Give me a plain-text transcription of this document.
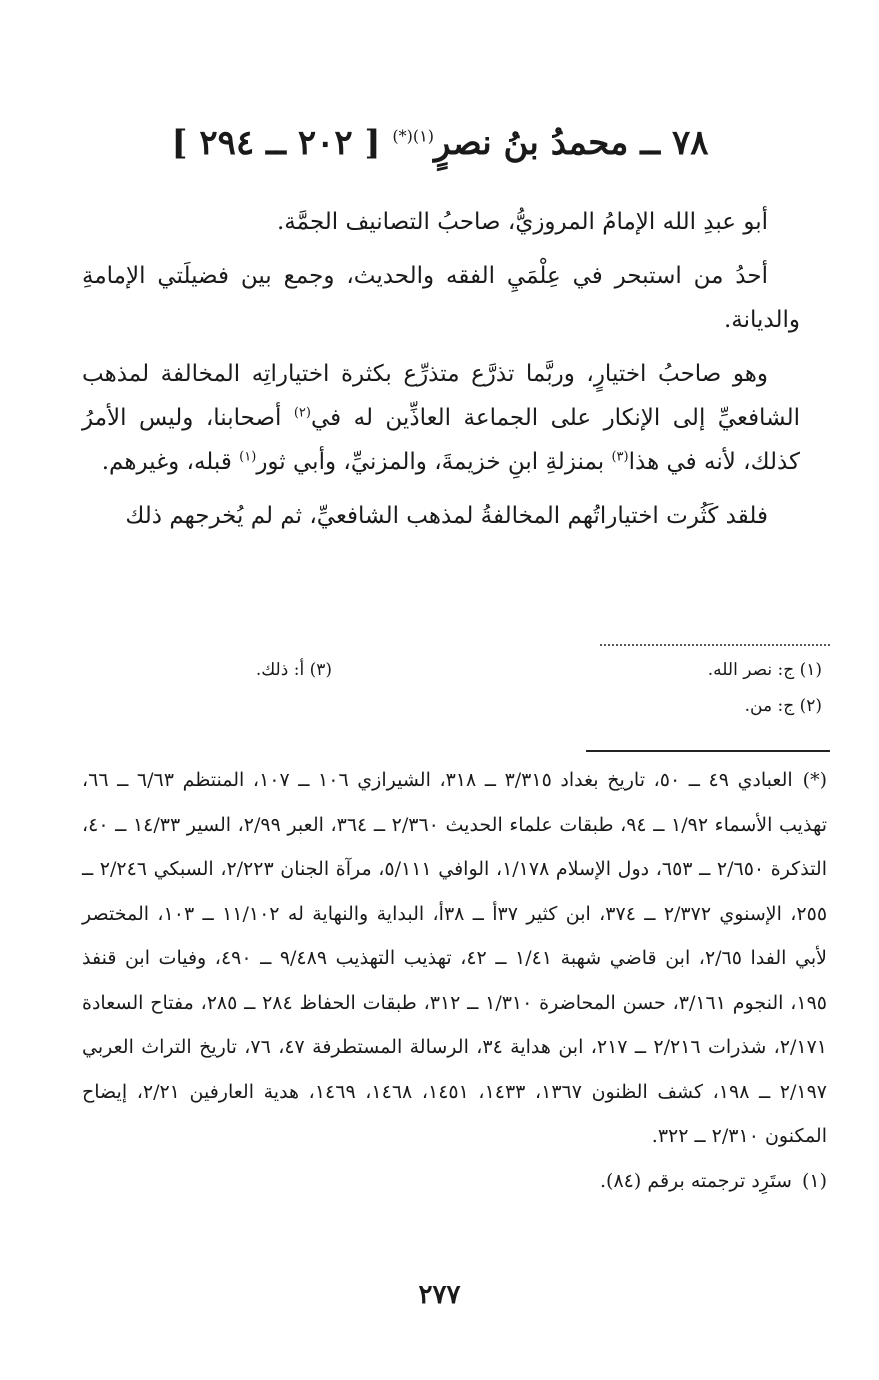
٧٨ ــ محمدُ بنُ نصرٍ$^{(١)(*)}$ [ ٢٠٢ ــ ٢٩٤ ]

أبو عبدِ الله الإمامُ المروزيُّ، صاحبُ التصانيف الجمَّة.

أحدُ من استبحر في عِلْمَيِ الفقه والحديث، وجمع بين فضيلَتي الإمامةِ والديانة.

وهو صاحبُ اختيارٍ، وربَّما تذرَّع متذرِّع بكثرة اختياراتِه المخالفة لمذهب الشافعيِّ إلى الإنكار على الجماعة العاذِّين له في$^{(٢)}$ أصحابنا، وليس الأمرُ كذلك، لأنه في هذا$^{(٣)}$ بمنزلةِ ابنِ خزيمةَ، والمزنيِّ، وأبي ثور$^{(١)}$ قبله، وغيرهم.

فلقد كَثُرت اختياراتُهم المخالفةُ لمذهب الشافعيِّ، ثم لم يُخرجهم ذلك

(١) ج: نصر الله.
(٣) أ: ذلك.
(٢) ج: من.

(*)العبادي ٤٩ ــ ٥٠، تاريخ بغداد ٣/٣١٥ ــ ٣١٨، الشيرازي ١٠٦ ــ ١٠٧، المنتظم ٦/٦٣ ــ ٦٦، تهذيب الأسماء ١/٩٢ ــ ٩٤، طبقات علماء الحديث ٢/٣٦٠ ــ ٣٦٤، العبر ٢/٩٩، السير ١٤/٣٣ ــ ٤٠، التذكرة ٢/٦٥٠ ــ ٦٥٣، دول الإسلام ١/١٧٨، الوافي ٥/١١١، مرآة الجنان ٢/٢٢٣، السبكي ٢/٢٤٦ ــ ٢٥٥، الإسنوي ٢/٣٧٢ ــ ٣٧٤، ابن كثير ٣٧أ ــ ٣٨أ، البداية والنهاية له ١١/١٠٢ ــ ١٠٣، المختصر لأبي الفدا ٢/٦٥، ابن قاضي شهبة ١/٤١ ــ ٤٢، تهذيب التهذيب ٩/٤٨٩ ــ ٤٩٠، وفيات ابن قنفذ ١٩٥، النجوم ٣/١٦١، حسن المحاضرة ١/٣١٠ ــ ٣١٢، طبقات الحفاظ ٢٨٤ ــ ٢٨٥، مفتاح السعادة ٢/١٧١، شذرات ٢/٢١٦ ــ ٢١٧، ابن هداية ٣٤، الرسالة المستطرفة ٤٧، ٧٦، تاريخ التراث العربي ٢/١٩٧ ــ ١٩٨، كشف الظنون ١٣٦٧، ١٤٣٣، ١٤٥١، ١٤٦٨، ١٤٦٩، هدية العارفين ٢/٢١، إيضاح المكنون ٢/٣١٠ ــ ٣٢٢.

(١)ستَرِد ترجمته برقم (٨٤).

٢٧٧
